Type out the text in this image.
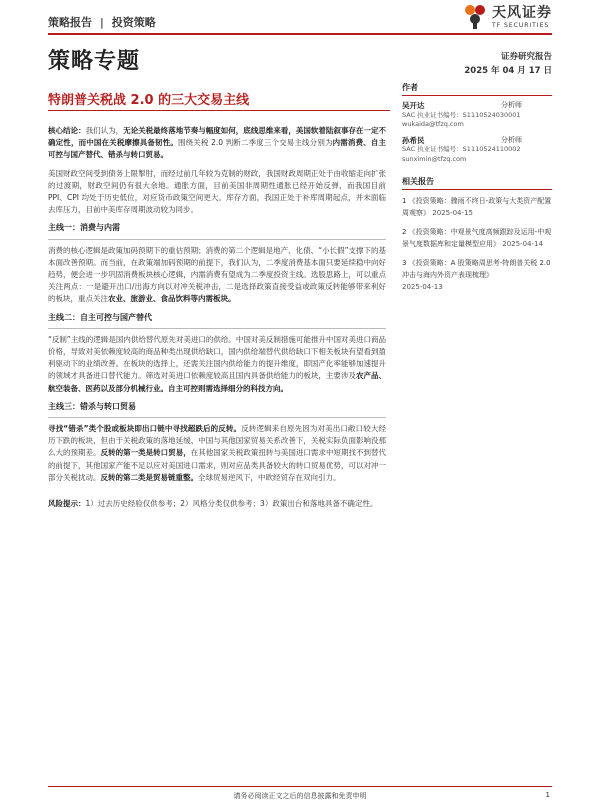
策略报告 | 投资策略
天风证券
TF SECURITIES
策略专题	证券研究报告
2025 年 04 月 17 日
特朗普关税战 2.0 的三大交易主线

核心结论：我们认为，无论关税最终落地节奏与幅度如何，底线思维来看，美国软着陆叙事存在一定不确定性，而中国在关税摩擦具备韧性。围绕关税 2.0 判断二季度三个交易主线分别为内需消费、自主可控与国产替代、错杀与转口贸易。

美国财政空间受到债务上限掣肘，而经过前几年较为克制的财政，我国财政周期正处于由收缩走向扩张的过渡期，财政空间仍有很大余地。通胀方面，目前美国非周期性通胀已经开始反弹，而我国目前 PPI、CPI 均处于历史低位，对应货币政策空间更大。库存方面，我国正处于补库周期起点，并未面临去库压力，目前中美库存周期波动较为同步。

主线一：消费与内需

消费的核心逻辑是政策加码预期下的重估预期；消费的第二个逻辑是地产、化债、“小长假”支撑下的基本面改善预期。而当前，在政策端加码预期的前提下，我们认为，二季度消费基本面只要延续稳中向好趋势，便会进一步巩固消费板块核心逻辑，内需消费有望成为二季度投资主线。选股思路上，可以重点关注两点：一是避开出口/出海方向以对冲关税冲击，二是选择政策直接受益或政策反转能够带来利好的板块，重点关注农业、旅游业、食品饮料等内需板块。

主线二：自主可控与国产替代

“反制”主线的逻辑是国内供给替代原先对美进口的供给。中国对美反制措施可能推升中国对美进口商品价格，导致对美依赖度较高的商品种类出现供给缺口，国内供给端替代供给缺口下相关板块有望看到盈利驱动下的业绩改善。在板块的选择上，还需关注国内供给能力的提升维度，即国产化率能够加速提升的领域才具备进口替代能力。筛选对美进口依赖度较高且国内具备供给能力的板块，主要涉及农产品、航空装备、医药以及部分机械行业。自主可控则需选择细分的科技方向。

主线三：错杀与转口贸易

寻找“错杀”类个股或板块即出口链中寻找超跌后的反转。反转逻辑来自原先因为对美出口敞口较大经历下跌的板块，但由于关税政策的落地延缓、中国与其他国家贸易关系改善下，关税实际负面影响没那么大的预期差。反转的第一类是转口贸易，在其他国家关税政策扭转与美国进口需求中短期找不到替代的前提下，其他国家产能不足以应对美国进口需求，则对应品类具备较大的转口贸易优势，可以对冲一部分关税扰动。反转的第二类是贸易链重整。全球贸易逆风下，中欧经贸存在双向引力。

风险提示：1）过去历史经验仅供参考；2）风格分类仅供参考；3）政策出台和落地具备不确定性。

作者
吴开达	分析师
SAC 执业证书编号：S1110524030001
wukaida@tfzq.com
孙希民	分析师
SAC 执业证书编号：S1110524110002
sunximin@tfzq.com
相关报告
1 《投资策略：骤雨不终日-政策与大类资产配置周观察》 2025-04-15
2 《投资策略：中观景气度高频跟踪及运用-中观景气度数据库和定量模型应用》 2025-04-14
3 《投资策略：A 股策略周思考-特朗普关税 2.0 冲击与海内外资产表现梳理》
2025-04-13
请务必阅读正文之后的信息披露和免责申明	1
